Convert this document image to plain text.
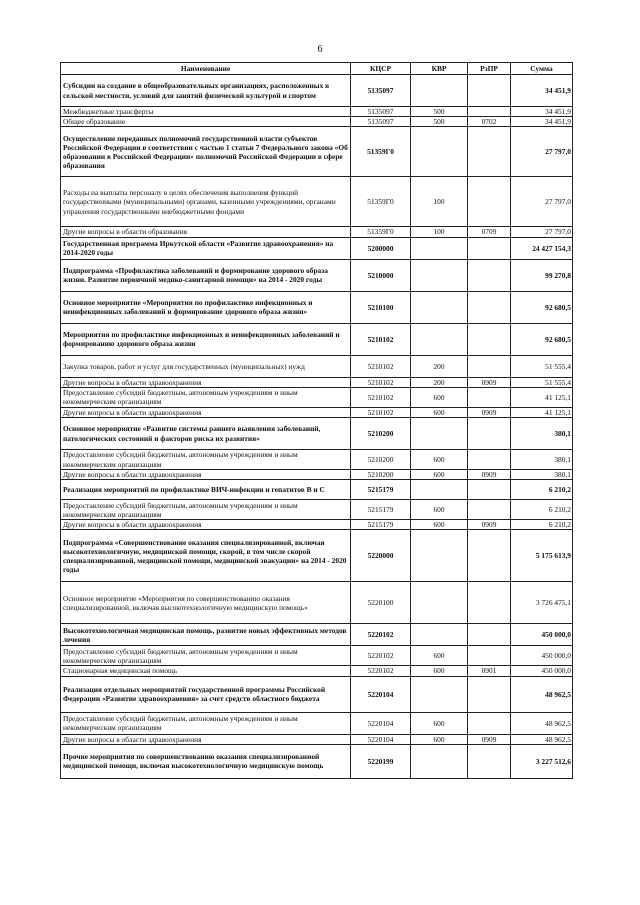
6
Наименование	КЦСР	КВР	РзПР	Сумма
Субсидии на создание в общеобразовательных организациях, расположенных в сельской местности, условий для занятий физической культурой и спортом	5135097			34 451,9
Межбюджетные трансферты	5135097	500		34 451,9
Общее образование	5135097	500	0702	34 451,9
Осуществление переданных полномочий государственной власти субъектов Российской Федерации в соответствии с частью 1 статьи 7 Федерального закона «Об образовании в Российской Федерации» полномочий Российской Федерации в сфере образования	51359Г0			27 797,0
Расходы на выплаты персоналу в целях обеспечения выполнения функций государственными (муниципальными) органами, казенными учреждениями, органами управления государственными внебюджетными фондами	51359Г0	100		27 797,0
Другие вопросы в области образования	51359Г0	100	0709	27 797,0
Государственная программа Иркутской области «Развитие здравоохранения» на 2014-2020 годы	5200000			24 427 154,3
Подпрограмма «Профилактика заболеваний и формирование здорового образа жизни. Развитие первичной медико-санитарной помощи» на 2014 - 2020 годы	5210000			99 270,8
Основное мероприятие «Мероприятия по профилактике инфекционных и неинфекционных заболеваний и формирование здорового образа жизни»	5210100			92 680,5
Мероприятия по профилактике инфекционных и неинфекционных заболеваний и формированию здорового образа жизни	5210102			92 680,5
Закупка товаров, работ и услуг для государственных (муниципальных) нужд	5210102	200		51 555,4
Другие вопросы в области здравоохранения	5210102	200	0909	51 555,4
Предоставление субсидий бюджетным, автономным учреждениям и иным некоммерческим организациям	5210102	600		41 125,1
Другие вопросы в области здравоохранения	5210102	600	0909	41 125,1
Основное мероприятие «Развитие системы раннего выявления заболеваний, патологических состояний и факторов риска их развития»	5210200			380,1
Предоставление субсидий бюджетным, автономным учреждениям и иным некоммерческим организациям	5210200	600		380,1
Другие вопросы в области здравоохранения	5210200	600	0909	380,1
Реализация мероприятий по профилактике ВИЧ-инфекции и гепатитов В и С	5215179			6 210,2
Предоставление субсидий бюджетным, автономным учреждениям и иным некоммерческим организациям	5215179	600		6 210,2
Другие вопросы в области здравоохранения	5215179	600	0909	6 210,2
Подпрограмма «Совершенствование оказания специализированной, включая высокотехнологичную, медицинской помощи, скорой, в том числе скорой специализированной, медицинской помощи, медицинской эвакуации» на 2014 - 2020 годы	5220000			5 175 613,9
Основное мероприятие «Мероприятия по совершенствованию оказания специализированной, включая высокотехнологичную медицинскую помощь»	5220100			3 726 475,1
Высокотехнологичная медицинская помощь, развитие новых эффективных методов лечения	5220102			450 000,0
Предоставление субсидий бюджетным, автономным учреждениям и иным некоммерческим организациям	5220102	600		450 000,0
Стационарная медицинская помощь	5220102	600	0901	450 000,0
Реализация отдельных мероприятий государственной программы Российской Федерации «Развитие здравоохранения» за счет средств областного бюджета	5220104			48 962,5
Предоставление субсидий бюджетным, автономным учреждениям и иным некоммерческим организациям	5220104	600		48 962,5
Другие вопросы в области здравоохранения	5220104	600	0909	48 962,5
Прочие мероприятия по совершенствованию оказания специализированной медицинской помощи, включая высокотехнологичную медицинскую помощь	5220199			3 227 512,6
